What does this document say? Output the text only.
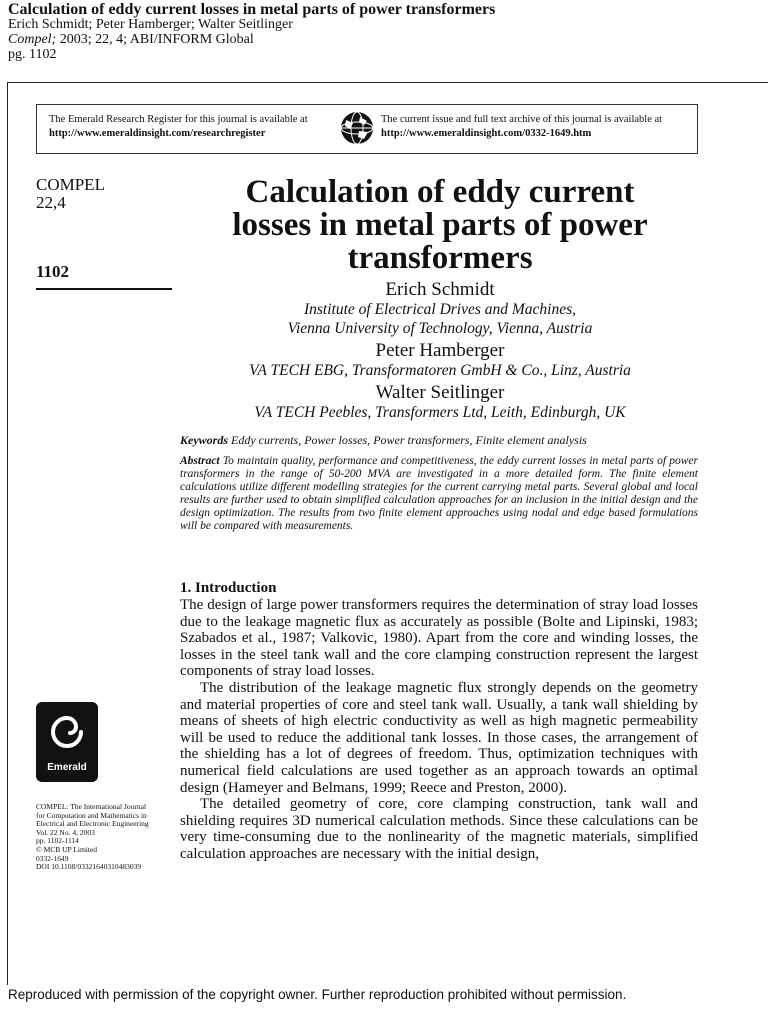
Calculation of eddy current losses in metal parts of power transformers
Erich Schmidt; Peter Hamberger; Walter Seitlinger
Compel; 2003; 22, 4; ABI/INFORM Global
pg. 1102
The Emerald Research Register for this journal is available at
http://www.emeraldinsight.com/researchregister
The current issue and full text archive of this journal is available at
http://www.emeraldinsight.com/0332-1649.htm
COMPEL
22,4
1102
Calculation of eddy current
losses in metal parts of power
transformers
Erich Schmidt
Institute of Electrical Drives and Machines,
Vienna University of Technology, Vienna, Austria
Peter Hamberger
VA TECH EBG, Transformatoren GmbH & Co., Linz, Austria
Walter Seitlinger
VA TECH Peebles, Transformers Ltd, Leith, Edinburgh, UK
Keywords Eddy currents, Power losses, Power transformers, Finite element analysis
Abstract To maintain quality, performance and competitiveness, the eddy current losses in metal parts of power transformers in the range of 50-200 MVA are investigated in a more detailed form. The finite element calculations utilize different modelling strategies for the current carrying metal parts. Several global and local results are further used to obtain simplified calculation approaches for an inclusion in the initial design and the design optimization. The results from two finite element approaches using nodal and edge based formulations will be compared with measurements.
1. Introduction

The design of large power transformers requires the determination of stray load losses due to the leakage magnetic flux as accurately as possible (Bolte and Lipinski, 1983; Szabados et al., 1987; Valkovic, 1980). Apart from the core and winding losses, the losses in the steel tank wall and the core clamping construction represent the largest components of stray load losses.

The distribution of the leakage magnetic flux strongly depends on the geometry and material properties of core and steel tank wall. Usually, a tank wall shielding by means of sheets of high electric conductivity as well as high magnetic permeability will be used to reduce the additional tank losses. In those cases, the arrangement of the shielding has a lot of degrees of freedom. Thus, optimization techniques with numerical field calculations are used together as an approach towards an optimal design (Hameyer and Belmans, 1999; Reece and Preston, 2000).

The detailed geometry of core, core clamping construction, tank wall and shielding requires 3D numerical calculation methods. Since these calculations can be very time-consuming due to the nonlinearity of the magnetic materials, simplified calculation approaches are necessary with the initial design,

Emerald
COMPEL: The International Journal
for Computation and Mathematics in
Electrical and Electronic Engineering
Vol. 22 No. 4, 2003
pp. 1102-1114
© MCB UP Limited
0332-1649
DOI 10.1108/03321640310483039
Reproduced with permission of the copyright owner. Further reproduction prohibited without permission.
